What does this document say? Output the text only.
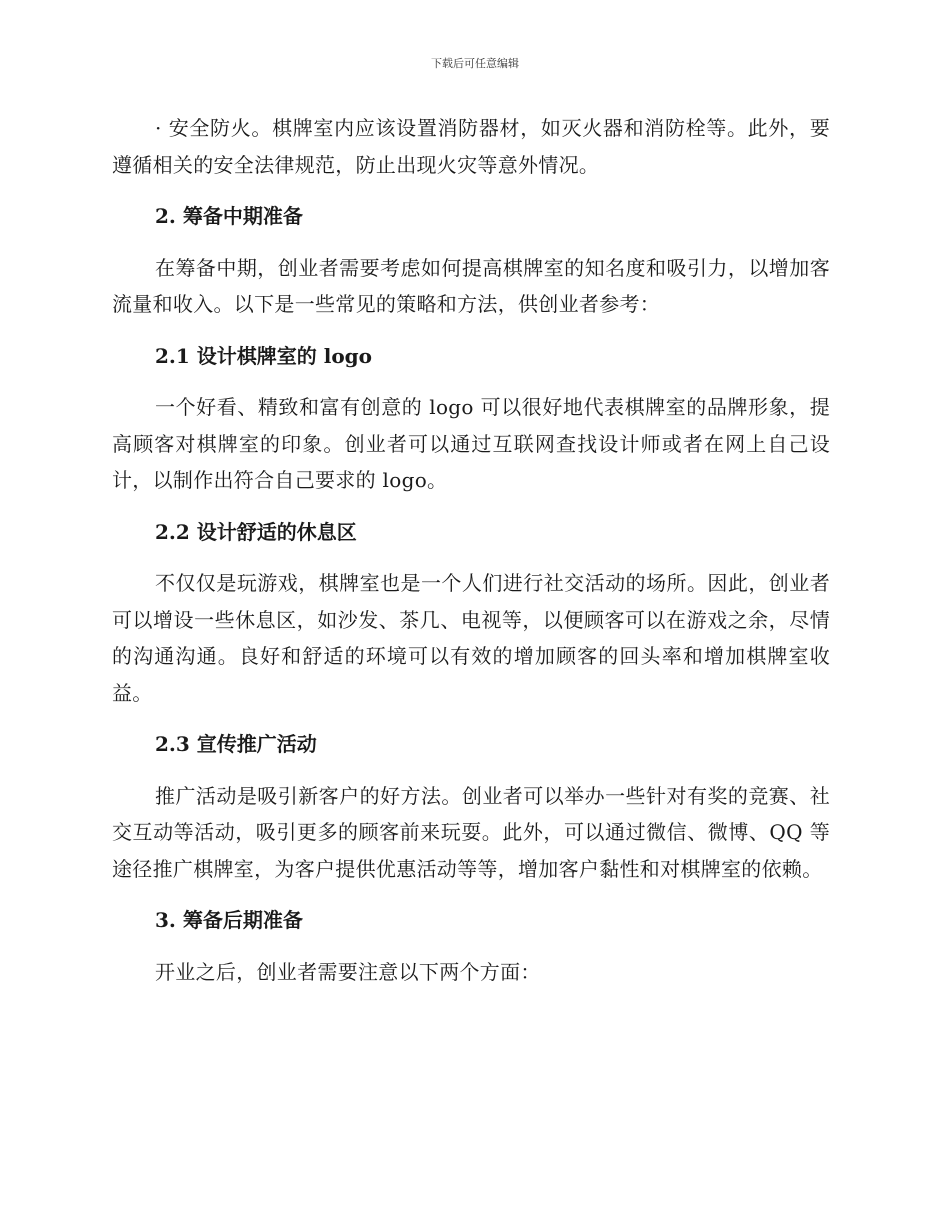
下载后可任意编辑

· 安全防火。棋牌室内应该设置消防器材，如灭火器和消防栓等。此外，要遵循相关的安全法律规范，防止出现火灾等意外情况。

2. 筹备中期准备

在筹备中期，创业者需要考虑如何提高棋牌室的知名度和吸引力，以增加客流量和收入。以下是一些常见的策略和方法，供创业者参考：

2.1 设计棋牌室的 logo

一个好看、精致和富有创意的 logo 可以很好地代表棋牌室的品牌形象，提高顾客对棋牌室的印象。创业者可以通过互联网查找设计师或者在网上自己设计，以制作出符合自己要求的 logo。

2.2 设计舒适的休息区

不仅仅是玩游戏，棋牌室也是一个人们进行社交活动的场所。因此，创业者可以增设一些休息区，如沙发、茶几、电视等，以便顾客可以在游戏之余，尽情的沟通沟通。良好和舒适的环境可以有效的增加顾客的回头率和增加棋牌室收益。

2.3 宣传推广活动

推广活动是吸引新客户的好方法。创业者可以举办一些针对有奖的竞赛、社交互动等活动，吸引更多的顾客前来玩耍。此外，可以通过微信、微博、QQ 等途径推广棋牌室，为客户提供优惠活动等等，增加客户黏性和对棋牌室的依赖。

3. 筹备后期准备

开业之后，创业者需要注意以下两个方面：
